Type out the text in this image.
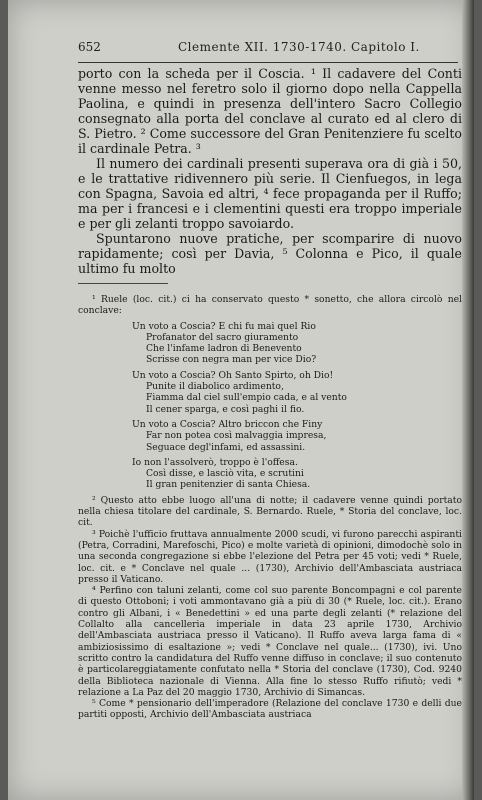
652	Clemente XII. 1730-1740. Capitolo I.

porto con la scheda per il Coscia. ¹ Il cadavere del Conti venne messo nel feretro solo il giorno dopo nella Cappella Paolina, e quindi in presenza dell'intero Sacro Collegio consegnato alla porta del conclave al curato ed al clero di S. Pietro. ² Come successore del Gran Penitenziere fu scelto il cardinale Petra. ³

Il numero dei cardinali presenti superava ora di già i 50, e le trattative ridivennero più serie. Il Cienfuegos, in lega con Spagna, Savoia ed altri, ⁴ fece propaganda per il Ruffo; ma per i francesi e i clementini questi era troppo imperiale e per gli zelanti troppo savoiardo.

Spuntarono nuove pratiche, per scomparire di nuovo rapidamente; così per Davia, ⁵ Colonna e Pico, il quale ultimo fu molto

¹ Ruele (loc. cit.) ci ha conservato questo * sonetto, che allora circolò nel conclave:

Un voto a Coscia? E chi fu mai quel Rio
Profanator del sacro giuramento
Che l'infame ladron di Benevento
Scrisse con negra man per vice Dio?
Un voto a Coscia? Oh Santo Spirto, oh Dio!
Punite il diabolico ardimento,
Fiamma dal ciel sull'empio cada, e al vento
Il cener sparga, e così paghi il fio.
Un voto a Coscia? Altro briccon che Finy
Far non potea così malvaggia impresa,
Seguace degl'infami, ed assassini.
Io non l'assolverò, troppo è l'offesa.
Così disse, e lasciò vita, e scrutini
Il gran penitenzier di santa Chiesa.

² Questo atto ebbe luogo all'una di notte; il cadavere venne quindi portato nella chiesa titolare del cardinale, S. Bernardo. Ruele, * Storia del conclave, loc. cit.

³ Poichè l'ufficio fruttava annualmente 2000 scudi, vi furono parecchi aspiranti (Petra, Corradini, Marefoschi, Pico) e molte varietà di opinioni, dimodochè solo in una seconda congregazione si ebbe l'elezione del Petra per 45 voti; vedi * Ruele, loc. cit. e * Conclave nel quale ... (1730), Archivio dell'Ambasciata austriaca presso il Vaticano.

⁴ Perfino con taluni zelanti, come col suo parente Boncompagni e col parente di questo Ottoboni; i voti ammontavano già a più di 30 (* Ruele, loc. cit.). Erano contro gli Albani, i « Benedettini » ed una parte degli zelanti (* relazione del Collalto alla cancelleria imperiale in data 23 aprile 1730, Archivio dell'Ambasciata austriaca presso il Vaticano). Il Ruffo aveva larga fama di « ambiziosissimo di esaltazione »; vedi * Conclave nel quale... (1730), ivi. Uno scritto contro la candidatura del Ruffo venne diffuso in conclave; il suo contenuto è particolareggiatamente confutato nella * Storia del conclave (1730), Cod. 9240 della Biblioteca nazionale di Vienna. Alla fine lo stesso Ruffo rifiutò; vedi * relazione a La Paz del 20 maggio 1730, Archivio di Simancas.

⁵ Come * pensionario dell'imperadore (Relazione del conclave 1730 e delli due partiti opposti, Archivio dell'Ambasciata austriaca
